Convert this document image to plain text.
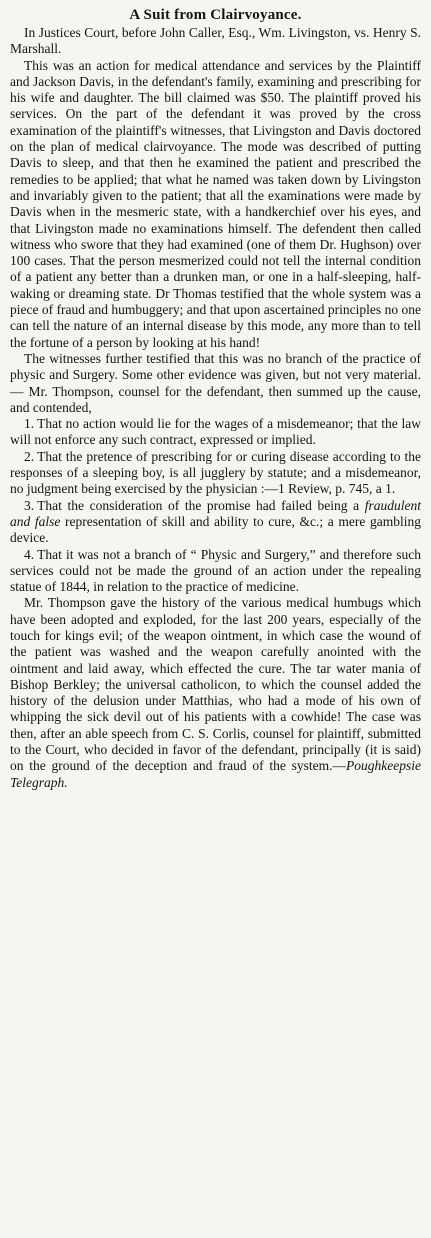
A Suit from Clairvoyance.

In Justices Court, before John Caller, Esq., Wm. Livingston, vs. Henry S. Marshall.

This was an action for medical attendance and services by the Plaintiff and Jackson Davis, in the defendant's family, examining and prescribing for his wife and daughter. The bill claimed was $50. The plaintiff proved his services. On the part of the defendant it was proved by the cross examination of the plaintiff's witnesses, that Livingston and Davis doctored on the plan of medical clairvoyance. The mode was described of putting Davis to sleep, and that then he examined the patient and prescribed the remedies to be applied; that what he named was taken down by Livingston and invariably given to the patient; that all the examinations were made by Davis when in the mesmeric state, with a handkerchief over his eyes, and that Livingston made no examinations himself. The defendent then called witness who swore that they had examined (one of them Dr. Hughson) over 100 cases. That the person mesmerized could not tell the internal condition of a patient any better than a drunken man, or one in a half-sleeping, half-waking or dreaming state. Dr Thomas testified that the whole system was a piece of fraud and humbuggery; and that upon ascertained principles no one can tell the nature of an internal disease by this mode, any more than to tell the fortune of a person by looking at his hand!

The witnesses further testified that this was no branch of the practice of physic and Surgery. Some other evidence was given, but not very material.— Mr. Thompson, counsel for the defendant, then summed up the cause, and contended,

1. That no action would lie for the wages of a misdemeanor; that the law will not enforce any such contract, expressed or implied.

2. That the pretence of prescribing for or curing disease according to the responses of a sleeping boy, is all jugglery by statute; and a misdemeanor, no judgment being exercised by the physician :—1 Review, p. 745, a 1.

3. That the consideration of the promise had failed being a fraudulent and false representation of skill and ability to cure, &c.; a mere gambling device.

4. That it was not a branch of “ Physic and Surgery,” and therefore such services could not be made the ground of an action under the repealing statue of 1844, in relation to the practice of medicine.

Mr. Thompson gave the history of the various medical humbugs which have been adopted and exploded, for the last 200 years, especially of the touch for kings evil; of the weapon ointment, in which case the wound of the patient was washed and the weapon carefully anointed with the ointment and laid away, which effected the cure. The tar water mania of Bishop Berkley; the universal catholicon, to which the counsel added the history of the delusion under Matthias, who had a mode of his own of whipping the sick devil out of his patients with a cowhide! The case was then, after an able speech from C. S. Corlis, counsel for plaintiff, submitted to the Court, who decided in favor of the defendant, principally (it is said) on the ground of the deception and fraud of the system.—Poughkeepsie Telegraph.
